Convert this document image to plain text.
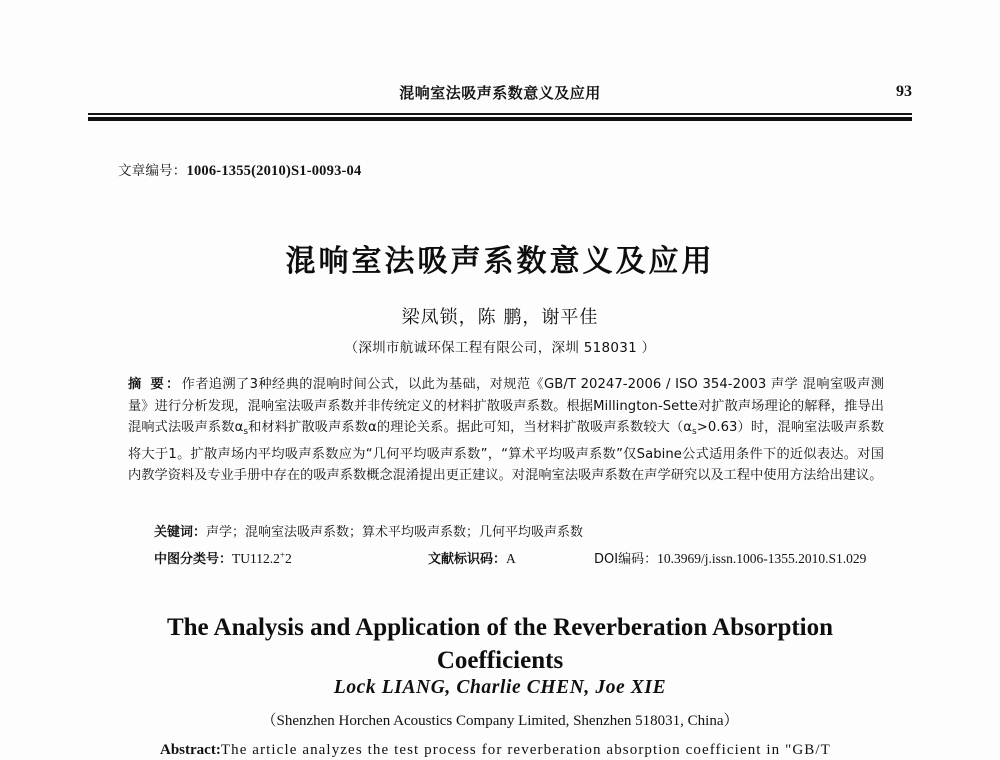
混响室法吸声系数意义及应用	93
文章编号：1006-1355(2010)S1-0093-04
混响室法吸声系数意义及应用
梁凤锁，陈 鹏，谢平佳
（深圳市航诚环保工程有限公司，深圳 518031 ）
摘 要：作者追溯了3种经典的混响时间公式，以此为基础，对规范《GB/T 20247-2006 / ISO 354-2003 声学 混响室吸声测量》进行分析发现，混响室法吸声系数并非传统定义的材料扩散吸声系数。根据Millington-Sette对扩散声场理论的解释，推导出混响式法吸声系数$\alpha_s$和材料扩散吸声系数α的理论关系。据此可知，当材料扩散吸声系数较大$(\alpha_s>0.63)$时，混响室法吸声系数将大于1。扩散声场内平均吸声系数应为“几何平均吸声系数”，“算术平均吸声系数”仅Sabine公式适用条件下的近似表达。对国内教学资料及专业手册中存在的吸声系数概念混淆提出更正建议。对混响室法吸声系数在声学研究以及工程中使用方法给出建议。
关键词：声学；混响室法吸声系数；算术平均吸声系数；几何平均吸声系数
中图分类号：TU112.2+2	文献标识码：A	DOI编码：10.3969/j.issn.1006-1355.2010.S1.029
The Analysis and Application of the Reverberation Absorption Coefficients
Lock LIANG, Charlie CHEN, Joe XIE
（Shenzhen Horchen Acoustics Company Limited, Shenzhen 518031, China）
Abstract:The article analyzes the test process for reverberation absorption coefficient in "GB/T
